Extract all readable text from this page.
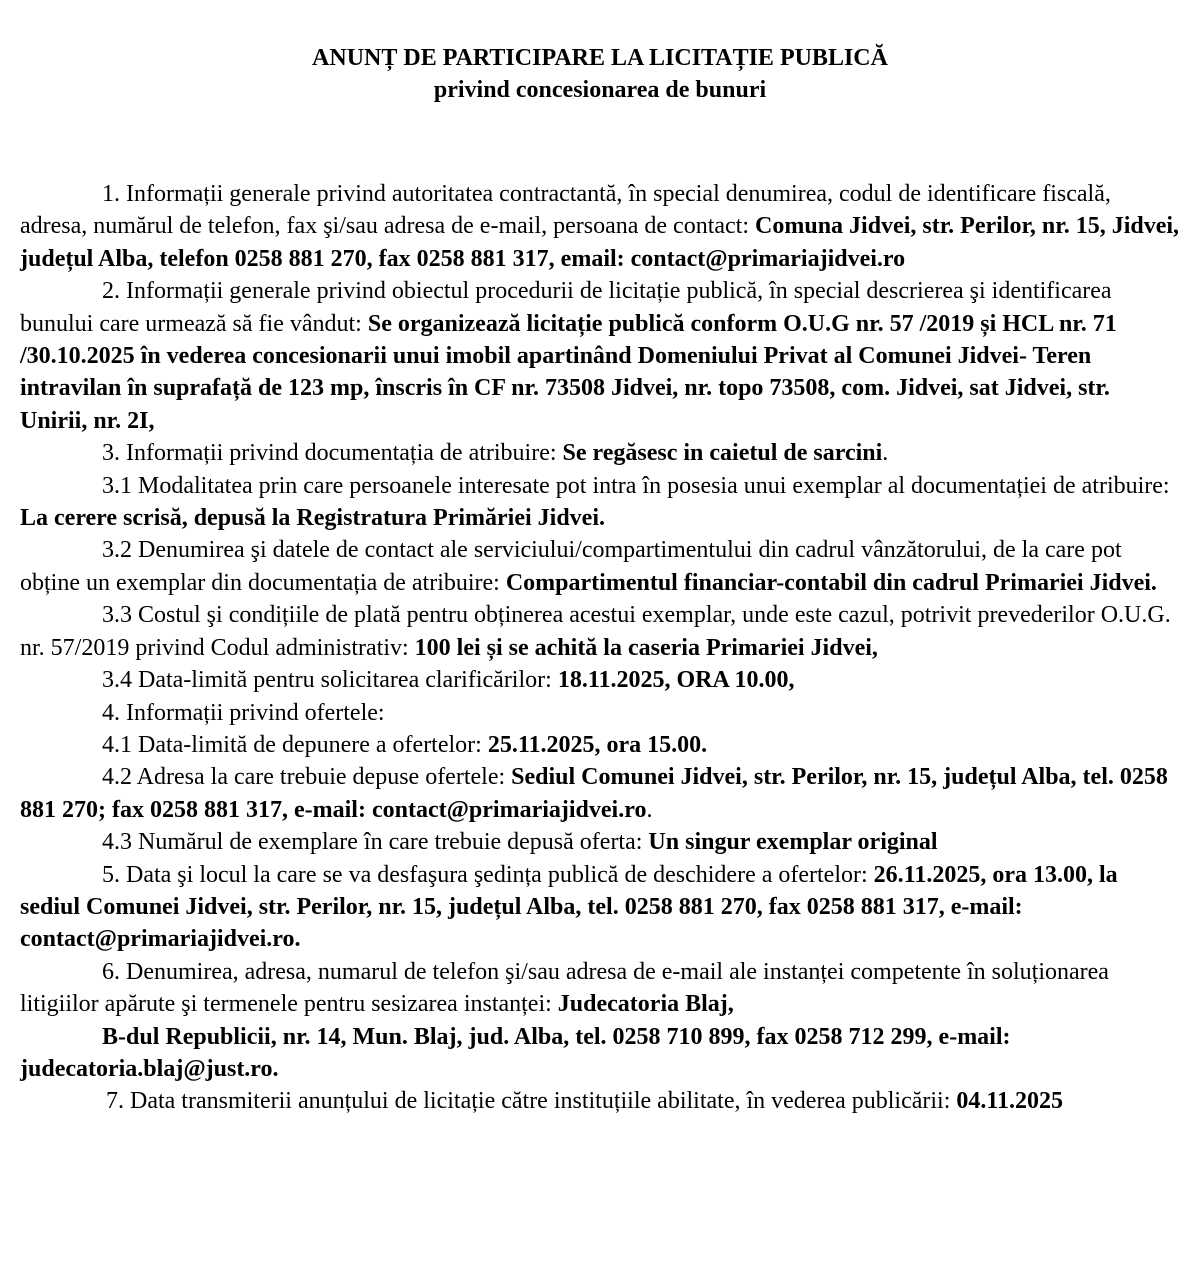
ANUNȚ DE PARTICIPARE LA LICITAȚIE PUBLICĂ
privind concesionarea de bunuri

1. Informații generale privind autoritatea contractantă, în special denumirea, codul de identificare fiscală, adresa, numărul de telefon, fax şi/sau adresa de e-mail, persoana de contact: Comuna Jidvei, str. Perilor, nr. 15, Jidvei, județul Alba, telefon 0258 881 270, fax 0258 881 317, email: contact@primariajidvei.ro

2. Informații generale privind obiectul procedurii de licitație publică, în special descrierea şi identificarea bunului care urmează să fie vândut: Se organizează licitație publică conform O.U.G nr. 57 /2019 și HCL nr. 71 /30.10.2025 în vederea concesionarii unui imobil apartinând Domeniului Privat al Comunei Jidvei- Teren intravilan în suprafață de 123 mp, înscris în CF nr. 73508 Jidvei, nr. topo 73508, com. Jidvei, sat Jidvei, str. Unirii, nr. 2I,

3. Informații privind documentația de atribuire: Se regăsesc in caietul de sarcini.

3.1 Modalitatea prin care persoanele interesate pot intra în posesia unui exemplar al documentației de atribuire: La cerere scrisă, depusă la Registratura Primăriei Jidvei.

3.2 Denumirea şi datele de contact ale serviciului/compartimentului din cadrul vânzătorului, de la care pot obține un exemplar din documentația de atribuire: Compartimentul financiar-contabil din cadrul Primariei Jidvei.

3.3 Costul şi condițiile de plată pentru obținerea acestui exemplar, unde este cazul, potrivit prevederilor O.U.G. nr. 57/2019 privind Codul administrativ: 100 lei și se achită la caseria Primariei Jidvei,

3.4 Data-limită pentru solicitarea clarificărilor: 18.11.2025, ORA 10.00,

4. Informații privind ofertele:

4.1 Data-limită de depunere a ofertelor: 25.11.2025, ora 15.00.

4.2 Adresa la care trebuie depuse ofertele: Sediul Comunei Jidvei, str. Perilor, nr. 15, județul Alba, tel. 0258 881 270; fax 0258 881 317, e-mail: contact@primariajidvei.ro.

4.3 Numărul de exemplare în care trebuie depusă oferta: Un singur exemplar original

5. Data şi locul la care se va desfaşura şedința publică de deschidere a ofertelor: 26.11.2025, ora 13.00, la sediul Comunei Jidvei, str. Perilor, nr. 15, județul Alba, tel. 0258 881 270, fax 0258 881 317, e-mail: contact@primariajidvei.ro.

6. Denumirea, adresa, numarul de telefon şi/sau adresa de e-mail ale instanței competente în soluționarea litigiilor apărute şi termenele pentru sesizarea instanței: Judecatoria Blaj,

B-dul Republicii, nr. 14, Mun. Blaj, jud. Alba, tel. 0258 710 899, fax 0258 712 299, e-mail: judecatoria.blaj@just.ro.

7. Data transmiterii anunțului de licitație către instituțiile abilitate, în vederea publicării: 04.11.2025
